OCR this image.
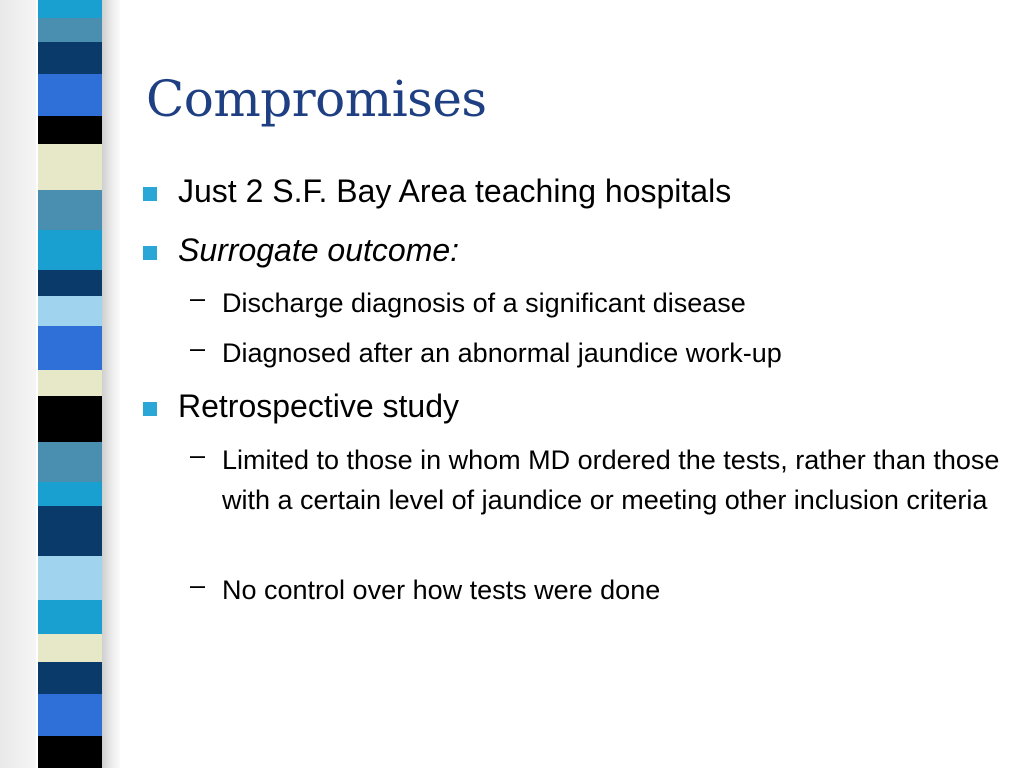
Compromises
Just 2 S.F. Bay Area teaching hospitals
Surrogate outcome:
– Discharge diagnosis of a significant disease
– Diagnosed after an abnormal jaundice work-up
Retrospective study
– Limited to those in whom MD ordered the tests, rather than those with a certain level of jaundice or meeting other inclusion criteria
– No control over how tests were done
